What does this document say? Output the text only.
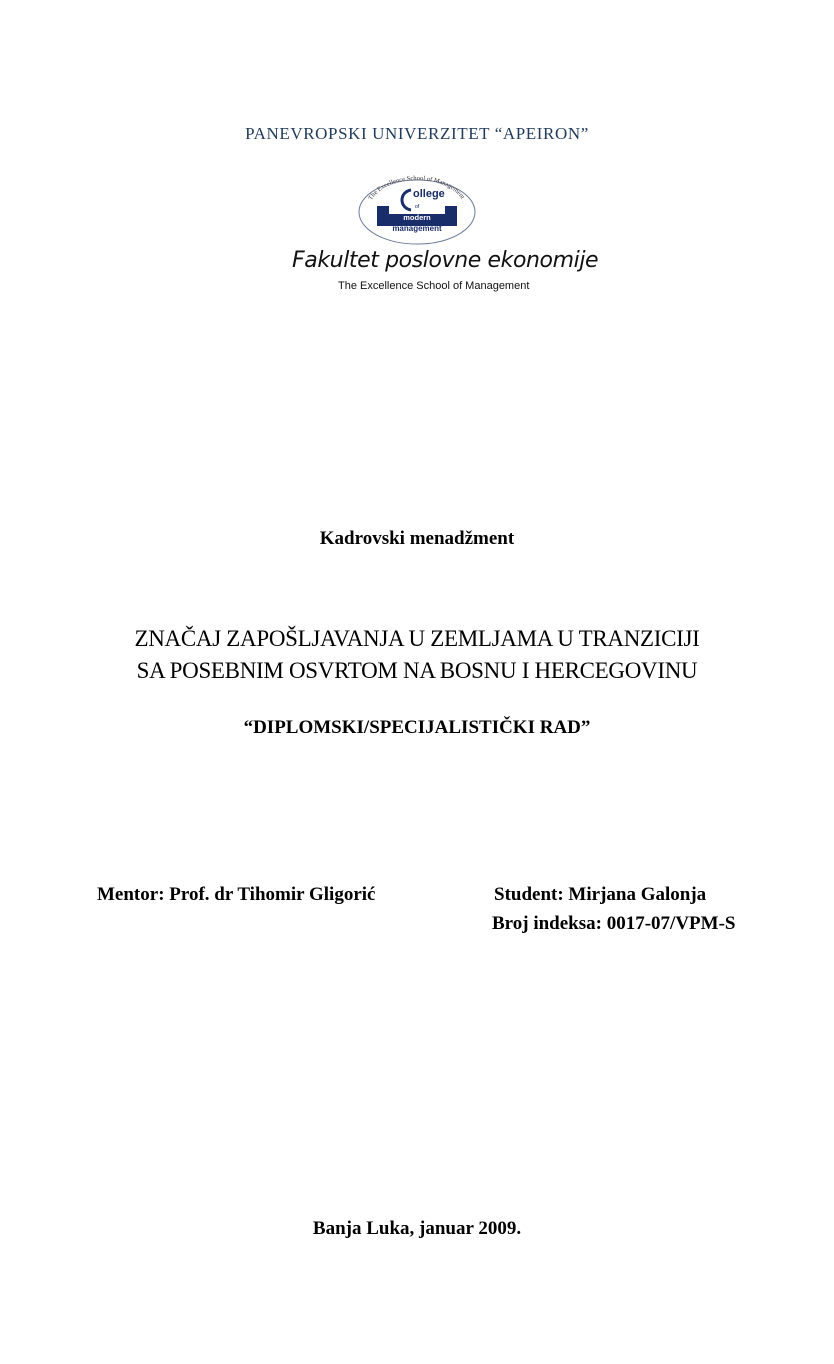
PANEVROPSKI UNIVERZITET “APEIRON”
The Excellence School of Management
ollege
of
modern
management
Fakultet poslovne ekonomije
The Excellence School of Management
Kadrovski menadžment
ZNAČAJ ZAPOŠLJAVANJA U ZEMLJAMA U TRANZICIJI
SA POSEBNIM OSVRTOM NA BOSNU I HERCEGOVINU
“DIPLOMSKI/SPECIJALISTIČKI RAD”
Mentor: Prof. dr Tihomir Gligorić	Student: Mirjana Galonja
Broj indeksa: 0017-07/VPM-S
Banja Luka, januar 2009.
